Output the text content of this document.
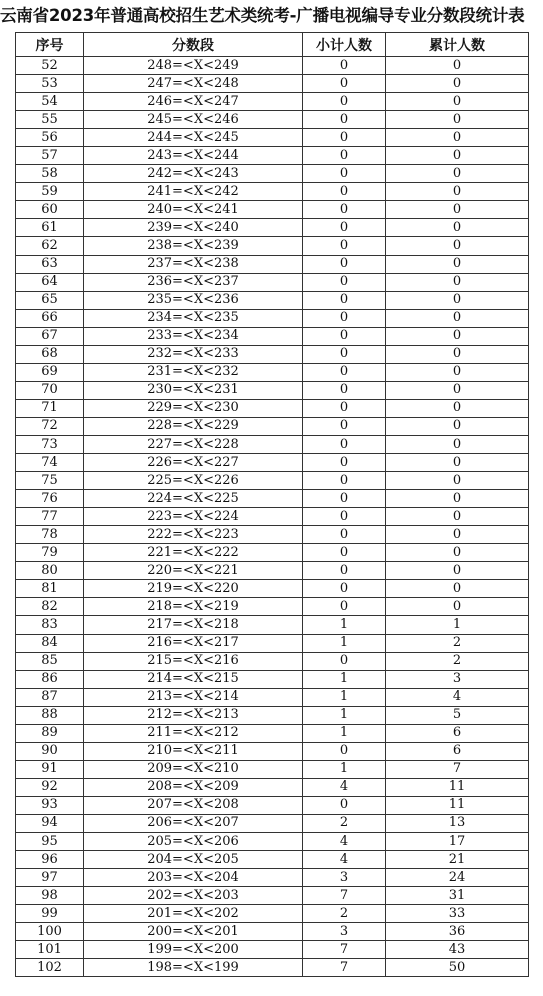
云南省2023年普通高校招生艺术类统考-广播电视编导专业分数段统计表
序号	分数段	小计人数	累计人数
52	248=<X<249	0	0
53	247=<X<248	0	0
54	246=<X<247	0	0
55	245=<X<246	0	0
56	244=<X<245	0	0
57	243=<X<244	0	0
58	242=<X<243	0	0
59	241=<X<242	0	0
60	240=<X<241	0	0
61	239=<X<240	0	0
62	238=<X<239	0	0
63	237=<X<238	0	0
64	236=<X<237	0	0
65	235=<X<236	0	0
66	234=<X<235	0	0
67	233=<X<234	0	0
68	232=<X<233	0	0
69	231=<X<232	0	0
70	230=<X<231	0	0
71	229=<X<230	0	0
72	228=<X<229	0	0
73	227=<X<228	0	0
74	226=<X<227	0	0
75	225=<X<226	0	0
76	224=<X<225	0	0
77	223=<X<224	0	0
78	222=<X<223	0	0
79	221=<X<222	0	0
80	220=<X<221	0	0
81	219=<X<220	0	0
82	218=<X<219	0	0
83	217=<X<218	1	1
84	216=<X<217	1	2
85	215=<X<216	0	2
86	214=<X<215	1	3
87	213=<X<214	1	4
88	212=<X<213	1	5
89	211=<X<212	1	6
90	210=<X<211	0	6
91	209=<X<210	1	7
92	208=<X<209	4	11
93	207=<X<208	0	11
94	206=<X<207	2	13
95	205=<X<206	4	17
96	204=<X<205	4	21
97	203=<X<204	3	24
98	202=<X<203	7	31
99	201=<X<202	2	33
100	200=<X<201	3	36
101	199=<X<200	7	43
102	198=<X<199	7	50
